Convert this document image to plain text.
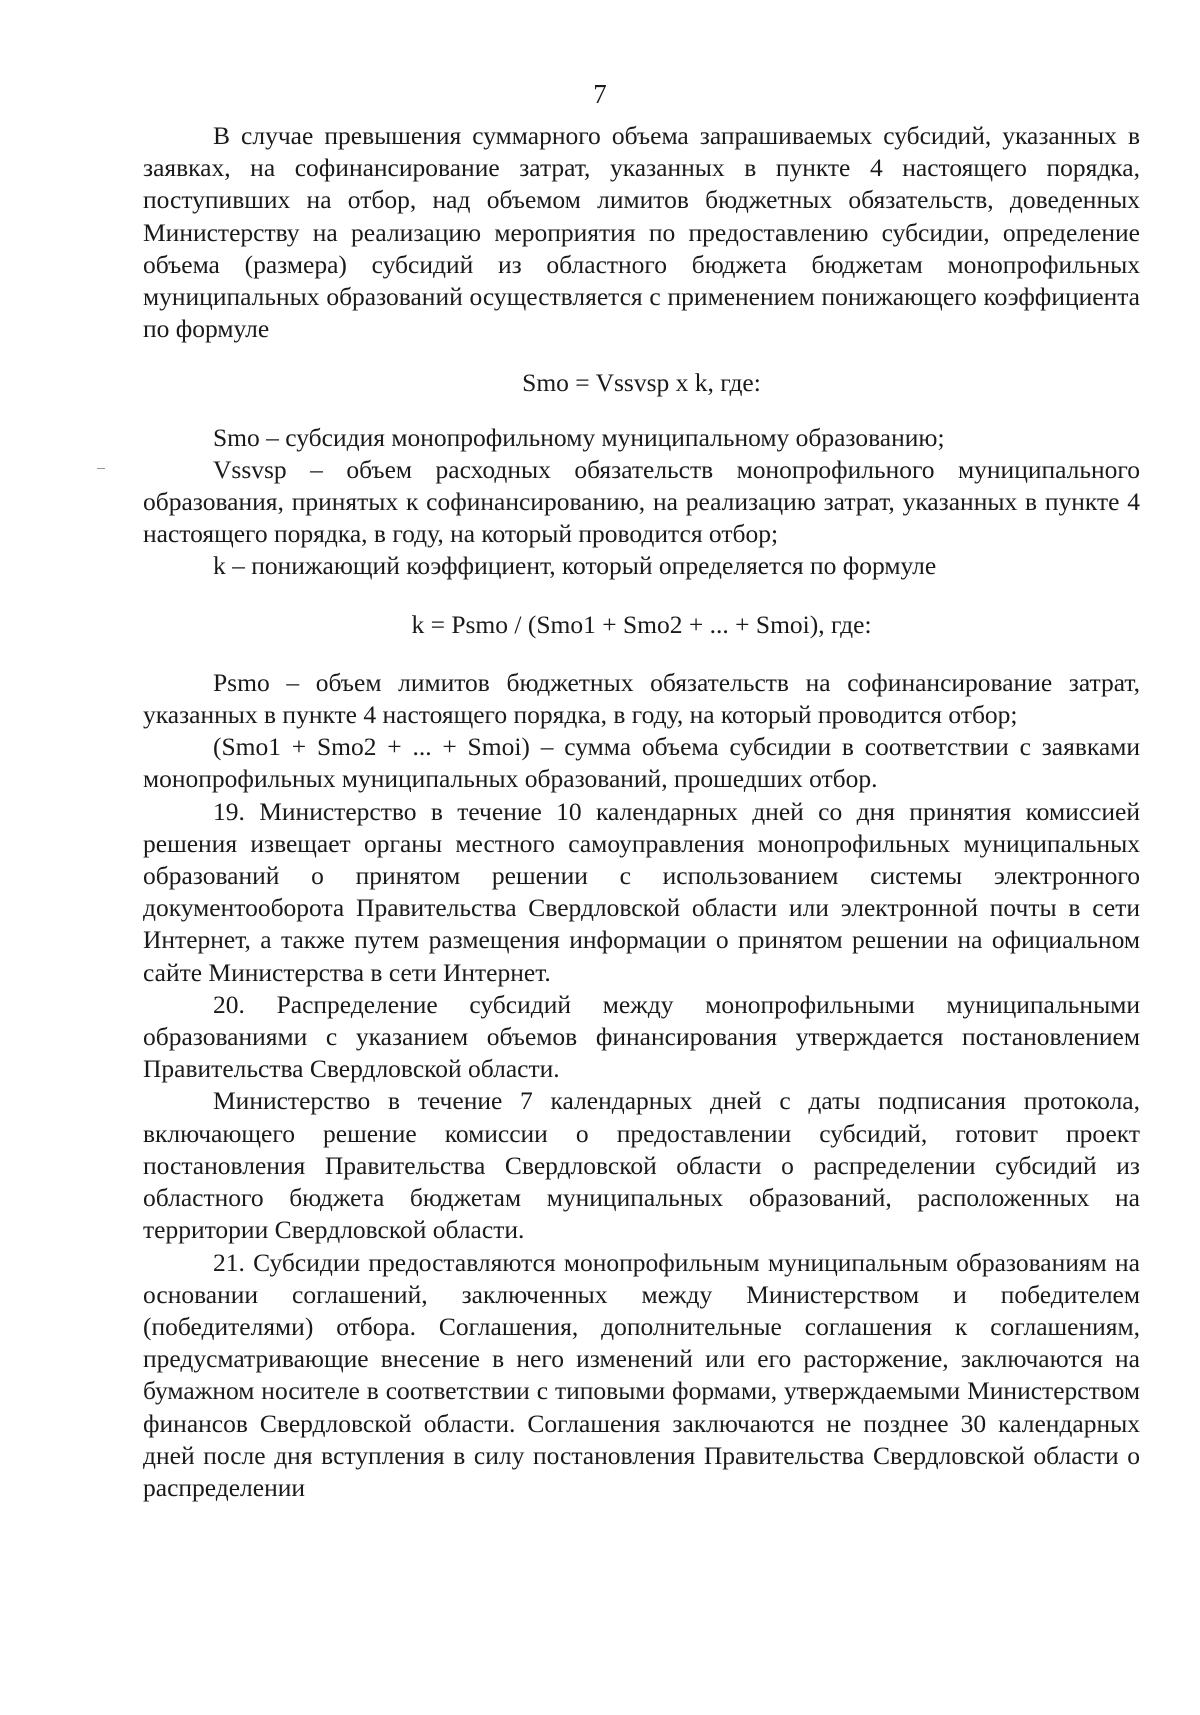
7

В случае превышения суммарного объема запрашиваемых субсидий, указанных в заявках, на софинансирование затрат, указанных в пункте 4 настоящего порядка, поступивших на отбор, над объемом лимитов бюджетных обязательств, доведенных Министерству на реализацию мероприятия по предоставлению субсидии, определение объема (размера) субсидий из областного бюджета бюджетам монопрофильных муниципальных образований осуществляется с применением понижающего коэффициента по формуле

Smo = Vssvsp x k, где:

Smo – субсидия монопрофильному муниципальному образованию;

Vssvsp – объем расходных обязательств монопрофильного муниципального образования, принятых к софинансированию, на реализацию затрат, указанных в пункте 4 настоящего порядка, в году, на который проводится отбор;

k – понижающий коэффициент, который определяется по формуле

k = Psmo / (Smo1 + Smo2 + ... + Smoi), где:

Psmo – объем лимитов бюджетных обязательств на софинансирование затрат, указанных в пункте 4 настоящего порядка, в году, на который проводится отбор;

(Smo1 + Smo2 + ... + Smoi) – сумма объема субсидии в соответствии с заявками монопрофильных муниципальных образований, прошедших отбор.

19. Министерство в течение 10 календарных дней со дня принятия комиссией решения извещает органы местного самоуправления монопрофильных муниципальных образований о принятом решении с использованием системы электронного документооборота Правительства Свердловской области или электронной почты в сети Интернет, а также путем размещения информации о принятом решении на официальном сайте Министерства в сети Интернет.

20. Распределение субсидий между монопрофильными муниципальными образованиями с указанием объемов финансирования утверждается постановлением Правительства Свердловской области.

Министерство в течение 7 календарных дней с даты подписания протокола, включающего решение комиссии о предоставлении субсидий, готовит проект постановления Правительства Свердловской области о распределении субсидий из областного бюджета бюджетам муниципальных образований, расположенных на территории Свердловской области.

21. Субсидии предоставляются монопрофильным муниципальным образованиям на основании соглашений, заключенных между Министерством и победителем (победителями) отбора. Соглашения, дополнительные соглашения к соглашениям, предусматривающие внесение в него изменений или его расторжение, заключаются на бумажном носителе в соответствии с типовыми формами, утверждаемыми Министерством финансов Свердловской области. Соглашения заключаются не позднее 30 календарных дней после дня вступления в силу постановления Правительства Свердловской области о распределении
